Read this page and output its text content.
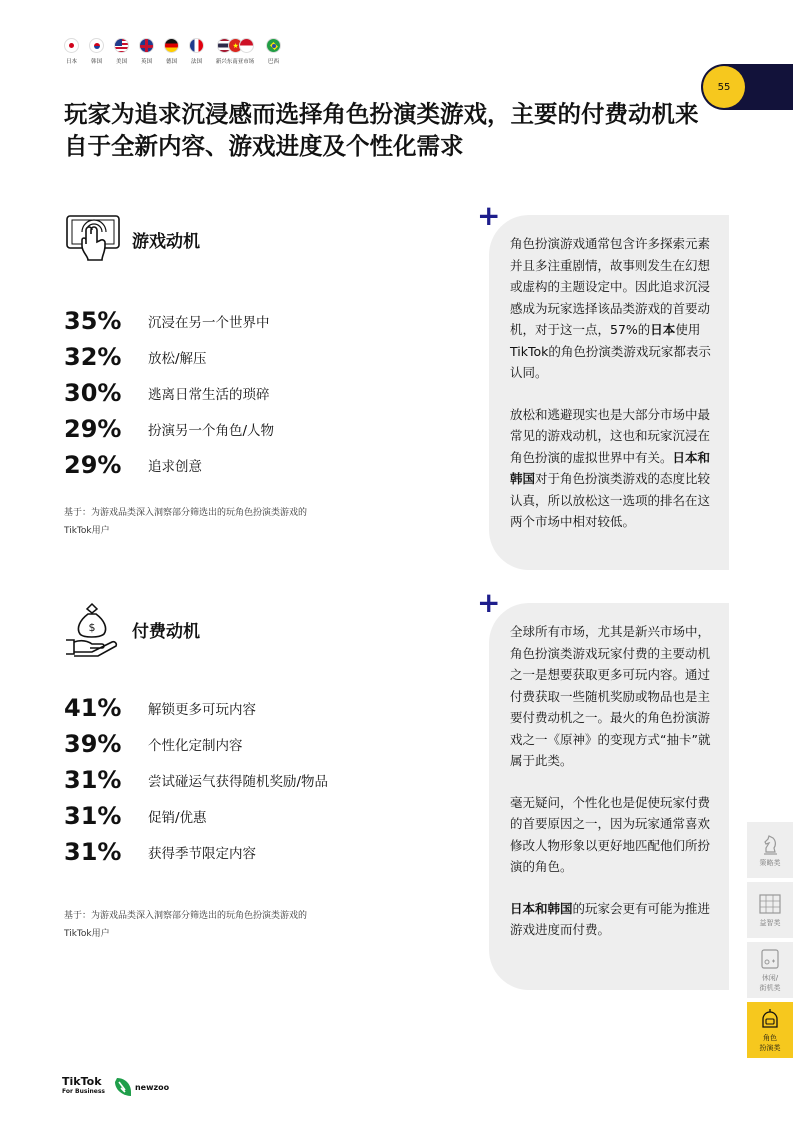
日本	韩国	美国	英国	德国	法国
★
新兴东南亚市场	巴西
55
玩家为追求沉浸感而选择角色扮演类游戏，主要的付费动机来自于全新内容、游戏进度及个性化需求
游戏动机
35%	沉浸在另一个世界中
32%	放松/解压
30%	逃离日常生活的琐碎
29%	扮演另一个角色/人物
29%	追求创意
基于：为游戏品类深入洞察部分筛选出的玩角色扮演类游戏的
TikTok用户
+

角色扮演游戏通常包含许多探索元素并且多注重剧情，故事则发生在幻想或虚构的主题设定中。因此追求沉浸感成为玩家选择该品类游戏的首要动机，对于这一点，57%的日本使用TikTok的角色扮演类游戏玩家都表示认同。

放松和逃避现实也是大部分市场中最常见的游戏动机，这也和玩家沉浸在角色扮演的虚拟世界中有关。日本和韩国对于角色扮演类游戏的态度比较认真，所以放松这一选项的排名在这两个市场中相对较低。

$ 付费动机
41%	解锁更多可玩内容
39%	个性化定制内容
31%	尝试碰运气获得随机奖励/物品
31%	促销/优惠
31%	获得季节限定内容
基于：为游戏品类深入洞察部分筛选出的玩角色扮演类游戏的
TikTok用户
+

全球所有市场，尤其是新兴市场中，角色扮演类游戏玩家付费的主要动机之一是想要获取更多可玩内容。通过付费获取一些随机奖励或物品也是主要付费动机之一。最火的角色扮演游戏之一《原神》的变现方式“抽卡”就属于此类。

毫无疑问，个性化也是促使玩家付费的首要原因之一，因为玩家通常喜欢修改人物形象以更好地匹配他们所扮演的角色。

日本和韩国的玩家会更有可能为推进游戏进度而付费。

策略类
益智类
休闲/
街机类
角色
扮演类
TikTok
For Business	newzoo
